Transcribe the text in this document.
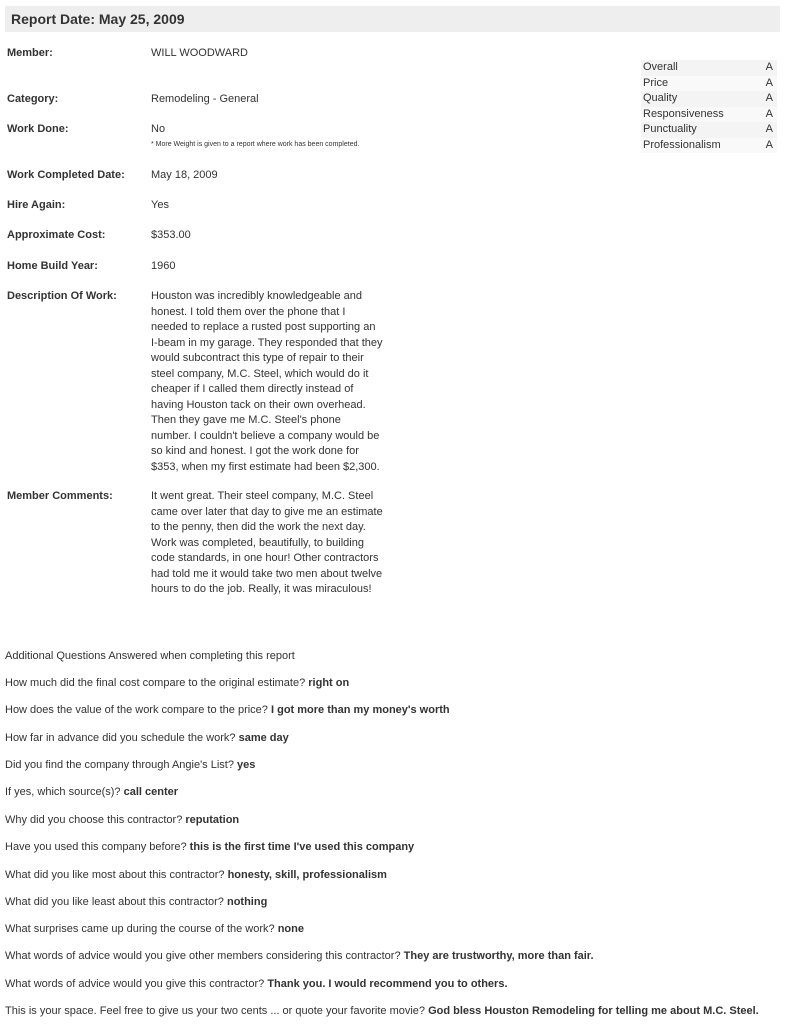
Report Date: May 25, 2009
Member:	WILL WOODWARD
Category:	Remodeling - General
Work Done:	No
* More Weight is given to a report where work has been completed.
Work Completed Date: May 18, 2009
Hire Again:	Yes
Approximate Cost:	$353.00
Home Build Year:	1960
Description Of Work:	Houston was incredibly knowledgeable and honest. I told them over the phone that I needed to replace a rusted post supporting an I-beam in my garage. They responded that they would subcontract this type of repair to their steel company, M.C. Steel, which would do it cheaper if I called them directly instead of having Houston tack on their own overhead. Then they gave me M.C. Steel's phone number. I couldn't believe a company would be so kind and honest. I got the work done for $353, when my first estimate had been $2,300.
Member Comments:	It went great. Their steel company, M.C. Steel came over later that day to give me an estimate to the penny, then did the work the next day. Work was completed, beautifully, to building code standards, in one hour! Other contractors had told me it would take two men about twelve hours to do the job. Really, it was miraculous!
Overall	A
Price	A
Quality	A
Responsiveness	A
Punctuality	A
Professionalism	A
Additional Questions Answered when completing this report
How much did the final cost compare to the original estimate? right on
How does the value of the work compare to the price? I got more than my money's worth
How far in advance did you schedule the work? same day
Did you find the company through Angie's List? yes
If yes, which source(s)? call center
Why did you choose this contractor? reputation
Have you used this company before? this is the first time I've used this company
What did you like most about this contractor? honesty, skill, professionalism
What did you like least about this contractor? nothing
What surprises came up during the course of the work? none
What words of advice would you give other members considering this contractor? They are trustworthy, more than fair.
What words of advice would you give this contractor? Thank you. I would recommend you to others.
This is your space. Feel free to give us your two cents ... or quote your favorite movie? God bless Houston Remodeling for telling me about M.C. Steel.
